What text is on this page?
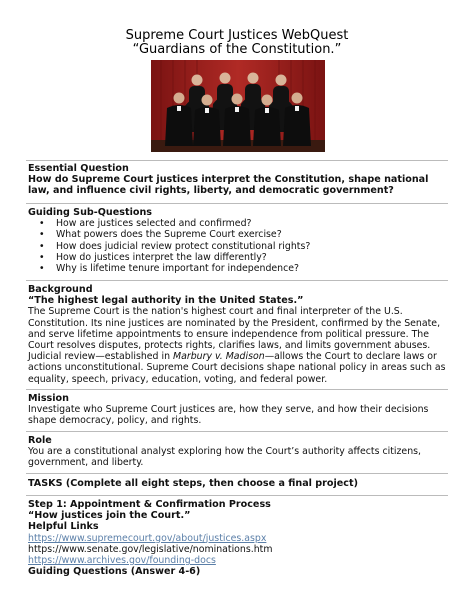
Supreme Court Justices WebQuest
“Guardians of the Constitution.”
Essential Question
How do Supreme Court justices interpret the Constitution, shape national law, and influence civil rights, liberty, and democratic government?
Guiding Sub-Questions
• How are justices selected and confirmed?
• What powers does the Supreme Court exercise?
• How does judicial review protect constitutional rights?
• How do justices interpret the law differently?
• Why is lifetime tenure important for independence?
Background
“The highest legal authority in the United States.”
The Supreme Court is the nation's highest court and final interpreter of the U.S. Constitution. Its nine justices are nominated by the President, confirmed by the Senate, and serve lifetime appointments to ensure independence from political pressure. The Court resolves disputes, protects rights, clarifies laws, and limits government abuses. Judicial review—established in Marbury v. Madison—allows the Court to declare laws or actions unconstitutional. Supreme Court decisions shape national policy in areas such as equality, speech, privacy, education, voting, and federal power.
Mission
Investigate who Supreme Court justices are, how they serve, and how their decisions shape democracy, policy, and rights.
Role
You are a constitutional analyst exploring how the Court’s authority affects citizens, government, and liberty.
TASKS (Complete all eight steps, then choose a final project)
Step 1: Appointment & Confirmation Process
“How justices join the Court.”
Helpful Links
https://www.supremecourt.gov/about/justices.aspx
https://www.senate.gov/legislative/nominations.htm
https://www.archives.gov/founding-docs
Guiding Questions (Answer 4-6)
